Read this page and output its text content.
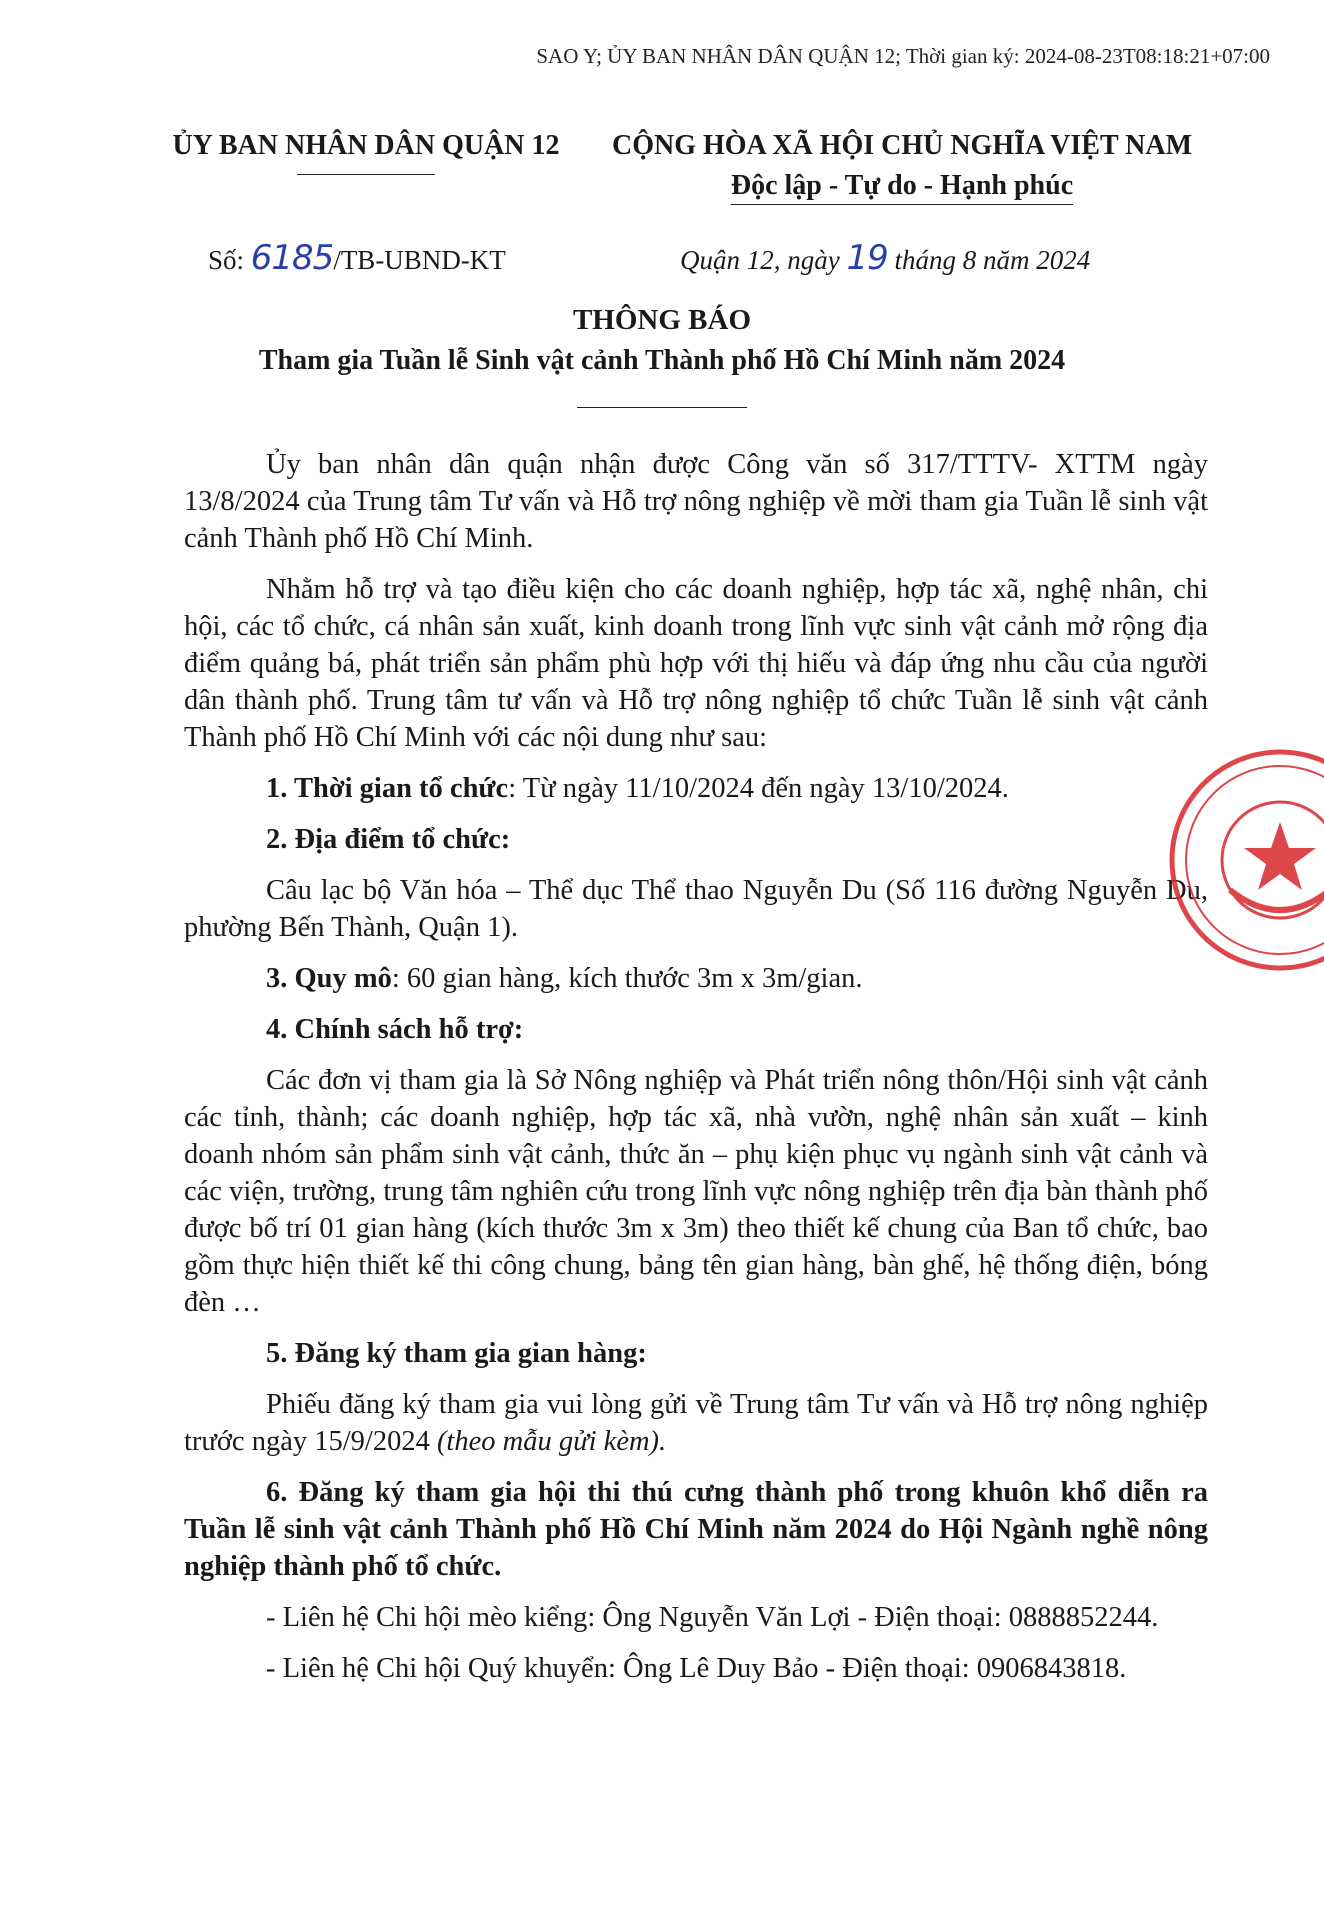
SAO Y; ỦY BAN NHÂN DÂN QUẬN 12; Thời gian ký: 2024-08-23T08:18:21+07:00
ỦY BAN NHÂN DÂN QUẬN 12	CỘNG HÒA XÃ HỘI CHỦ NGHĨA VIỆT NAM
Độc lập - Tự do - Hạnh phúc
Số: 6185/TB-UBND-KT	Quận 12, ngày 19 tháng 8 năm 2024
THÔNG BÁO
Tham gia Tuần lễ Sinh vật cảnh Thành phố Hồ Chí Minh năm 2024

Ủy ban nhân dân quận nhận được Công văn số 317/TTTV- XTTM ngày 13/8/2024 của Trung tâm Tư vấn và Hỗ trợ nông nghiệp về mời tham gia Tuần lễ sinh vật cảnh Thành phố Hồ Chí Minh.

Nhằm hỗ trợ và tạo điều kiện cho các doanh nghiệp, hợp tác xã, nghệ nhân, chi hội, các tổ chức, cá nhân sản xuất, kinh doanh trong lĩnh vực sinh vật cảnh mở rộng địa điểm quảng bá, phát triển sản phẩm phù hợp với thị hiếu và đáp ứng nhu cầu của người dân thành phố. Trung tâm tư vấn và Hỗ trợ nông nghiệp tổ chức Tuần lễ sinh vật cảnh Thành phố Hồ Chí Minh với các nội dung như sau:

1. Thời gian tổ chức: Từ ngày 11/10/2024 đến ngày 13/10/2024.

2. Địa điểm tổ chức:

Câu lạc bộ Văn hóa – Thể dục Thể thao Nguyễn Du (Số 116 đường Nguyễn Du, phường Bến Thành, Quận 1).

3. Quy mô: 60 gian hàng, kích thước 3m x 3m/gian.

4. Chính sách hỗ trợ:

Các đơn vị tham gia là Sở Nông nghiệp và Phát triển nông thôn/Hội sinh vật cảnh các tỉnh, thành; các doanh nghiệp, hợp tác xã, nhà vườn, nghệ nhân sản xuất – kinh doanh nhóm sản phẩm sinh vật cảnh, thức ăn – phụ kiện phục vụ ngành sinh vật cảnh và các viện, trường, trung tâm nghiên cứu trong lĩnh vực nông nghiệp trên địa bàn thành phố được bố trí 01 gian hàng (kích thước 3m x 3m) theo thiết kế chung của Ban tổ chức, bao gồm thực hiện thiết kế thi công chung, bảng tên gian hàng, bàn ghế, hệ thống điện, bóng đèn …

5. Đăng ký tham gia gian hàng:

Phiếu đăng ký tham gia vui lòng gửi về Trung tâm Tư vấn và Hỗ trợ nông nghiệp trước ngày 15/9/2024 (theo mẫu gửi kèm).

6. Đăng ký tham gia hội thi thú cưng thành phố trong khuôn khổ diễn ra Tuần lễ sinh vật cảnh Thành phố Hồ Chí Minh năm 2024 do Hội Ngành nghề nông nghiệp thành phố tổ chức.

- Liên hệ Chi hội mèo kiểng: Ông Nguyễn Văn Lợi - Điện thoại: 0888852244.

- Liên hệ Chi hội Quý khuyển: Ông Lê Duy Bảo - Điện thoại: 0906843818.
